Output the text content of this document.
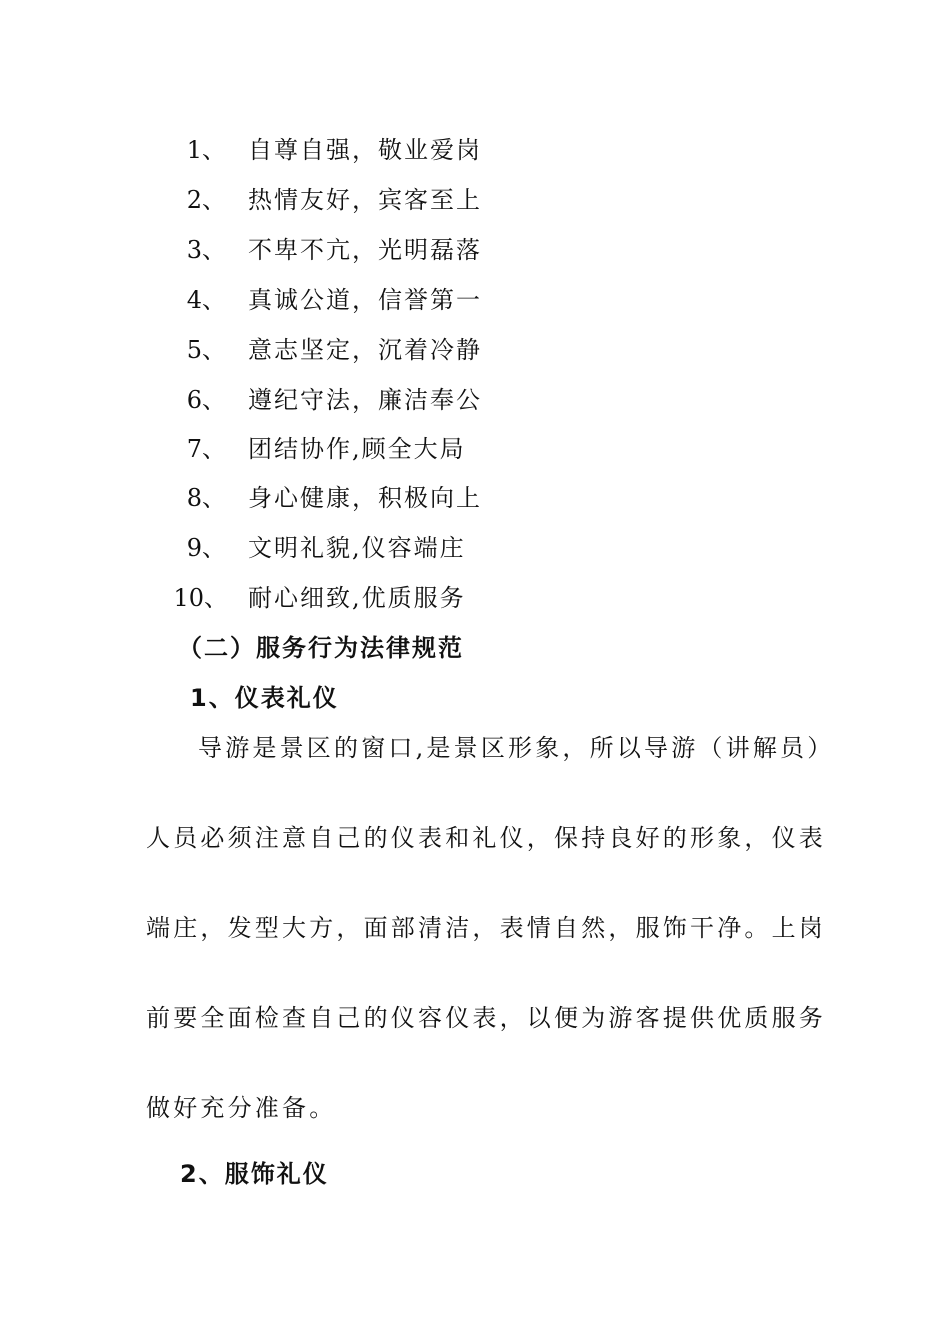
1、 自尊自强，敬业爱岗
2、 热情友好，宾客至上
3、 不卑不亢，光明磊落
4、 真诚公道，信誉第一
5、 意志坚定，沉着冷静
6、 遵纪守法，廉洁奉公
7、 团结协作,顾全大局
8、 身心健康，积极向上
9、 文明礼貌,仪容端庄
10、 耐心细致,优质服务
（二）服务行为法律规范
1、仪表礼仪
导游是景区的窗口,是景区形象，所以导游（讲解员）
人员必须注意自己的仪表和礼仪，保持良好的形象，仪表
端庄，发型大方，面部清洁，表情自然，服饰干净。上岗
前要全面检查自己的仪容仪表，以便为游客提供优质服务
做好充分准备。
2、服饰礼仪
